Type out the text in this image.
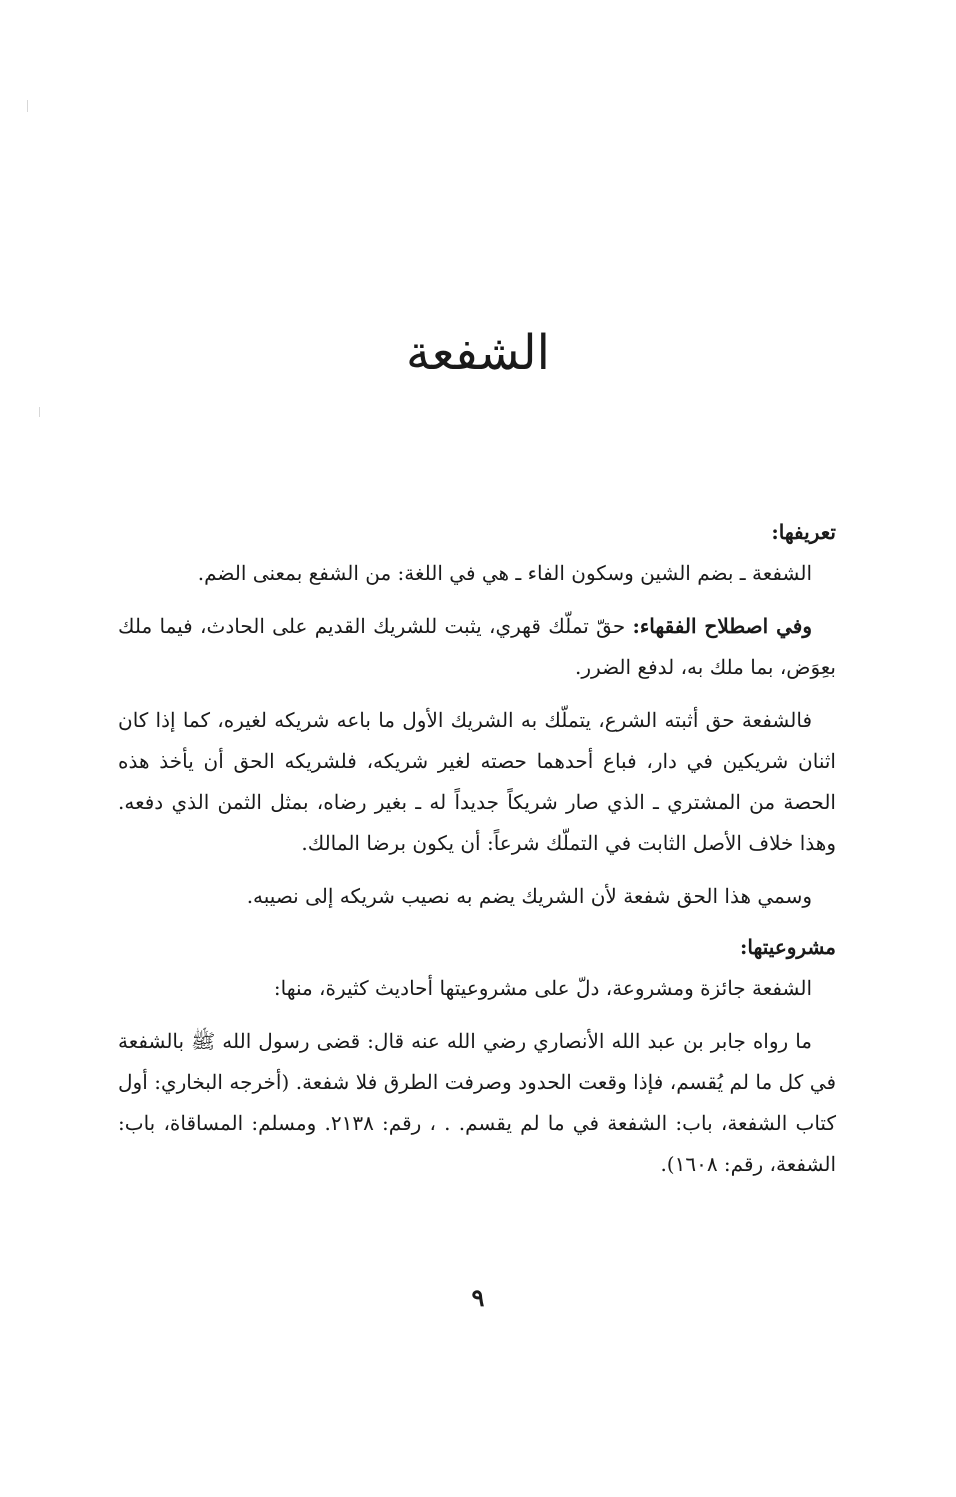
الشفعة

تعريفها:

الشفعة ـ بضم الشين وسكون الفاء ـ هي في اللغة: من الشفع بمعنى الضم.

وفي اصطلاح الفقهاء: حقّ تملّك قهري، يثبت للشريك القديم على الحادث، فيما ملك بعِوَض، بما ملك به، لدفع الضرر.

فالشفعة حق أثبته الشرع، يتملّك به الشريك الأول ما باعه شريكه لغيره، كما إذا كان اثنان شريكين في دار، فباع أحدهما حصته لغير شريكه، فلشريكه الحق أن يأخذ هذه الحصة من المشتري ـ الذي صار شريكاً جديداً له ـ بغير رضاه، بمثل الثمن الذي دفعه. وهذا خلاف الأصل الثابت في التملّك شرعاً: أن يكون برضا المالك.

وسمي هذا الحق شفعة لأن الشريك يضم به نصيب شريكه إلى نصيبه.

مشروعيتها:

الشفعة جائزة ومشروعة، دلّ على مشروعيتها أحاديث كثيرة، منها:

ما رواه جابر بن عبد الله الأنصاري رضي الله عنه قال: قضى رسول الله ﷺ بالشفعة في كل ما لم يُقسم، فإذا وقعت الحدود وصرفت الطرق فلا شفعة. (أخرجه البخاري: أول كتاب الشفعة، باب: الشفعة في ما لم يقسم. . ، رقم: ٢١٣٨. ومسلم: المساقاة، باب: الشفعة، رقم: ١٦٠٨).

٩
